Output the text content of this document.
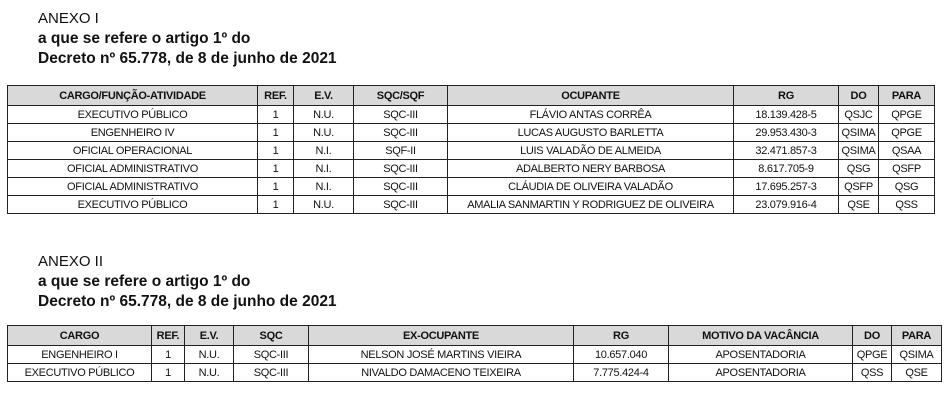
ANEXO I
a que se refere o artigo 1º do
Decreto nº 65.778, de 8 de junho de 2021
CARGO/FUNÇÃO-ATIVIDADE	REF.	E.V.	SQC/SQF	OCUPANTE	RG	DO	PARA
EXECUTIVO PÚBLICO	1	N.U.	SQC-III	FLÁVIO ANTAS CORRÊA	18.139.428-5	QSJC	QPGE
ENGENHEIRO IV	1	N.U.	SQC-III	LUCAS AUGUSTO BARLETTA	29.953.430-3	QSIMA	QPGE
OFICIAL OPERACIONAL	1	N.I.	SQF-II	LUIS VALADÃO DE ALMEIDA	32.471.857-3	QSIMA	QSAA
OFICIAL ADMINISTRATIVO	1	N.I.	SQC-III	ADALBERTO NERY BARBOSA	8.617.705-9	QSG	QSFP
OFICIAL ADMINISTRATIVO	1	N.I.	SQC-III	CLÁUDIA DE OLIVEIRA VALADÃO	17.695.257-3	QSFP	QSG
EXECUTIVO PÚBLICO	1	N.U.	SQC-III	AMALIA SANMARTIN Y RODRIGUEZ DE OLIVEIRA	23.079.916-4	QSE	QSS
ANEXO II
a que se refere o artigo 1º do
Decreto nº 65.778, de 8 de junho de 2021
CARGO	REF.	E.V.	SQC	EX-OCUPANTE	RG	MOTIVO DA VACÂNCIA	DO	PARA
ENGENHEIRO I	1	N.U.	SQC-III	NELSON JOSÉ MARTINS VIEIRA	10.657.040	APOSENTADORIA	QPGE	QSIMA
EXECUTIVO PÚBLICO	1	N.U.	SQC-III	NIVALDO DAMACENO TEIXEIRA	7.775.424-4	APOSENTADORIA	QSS	QSE
